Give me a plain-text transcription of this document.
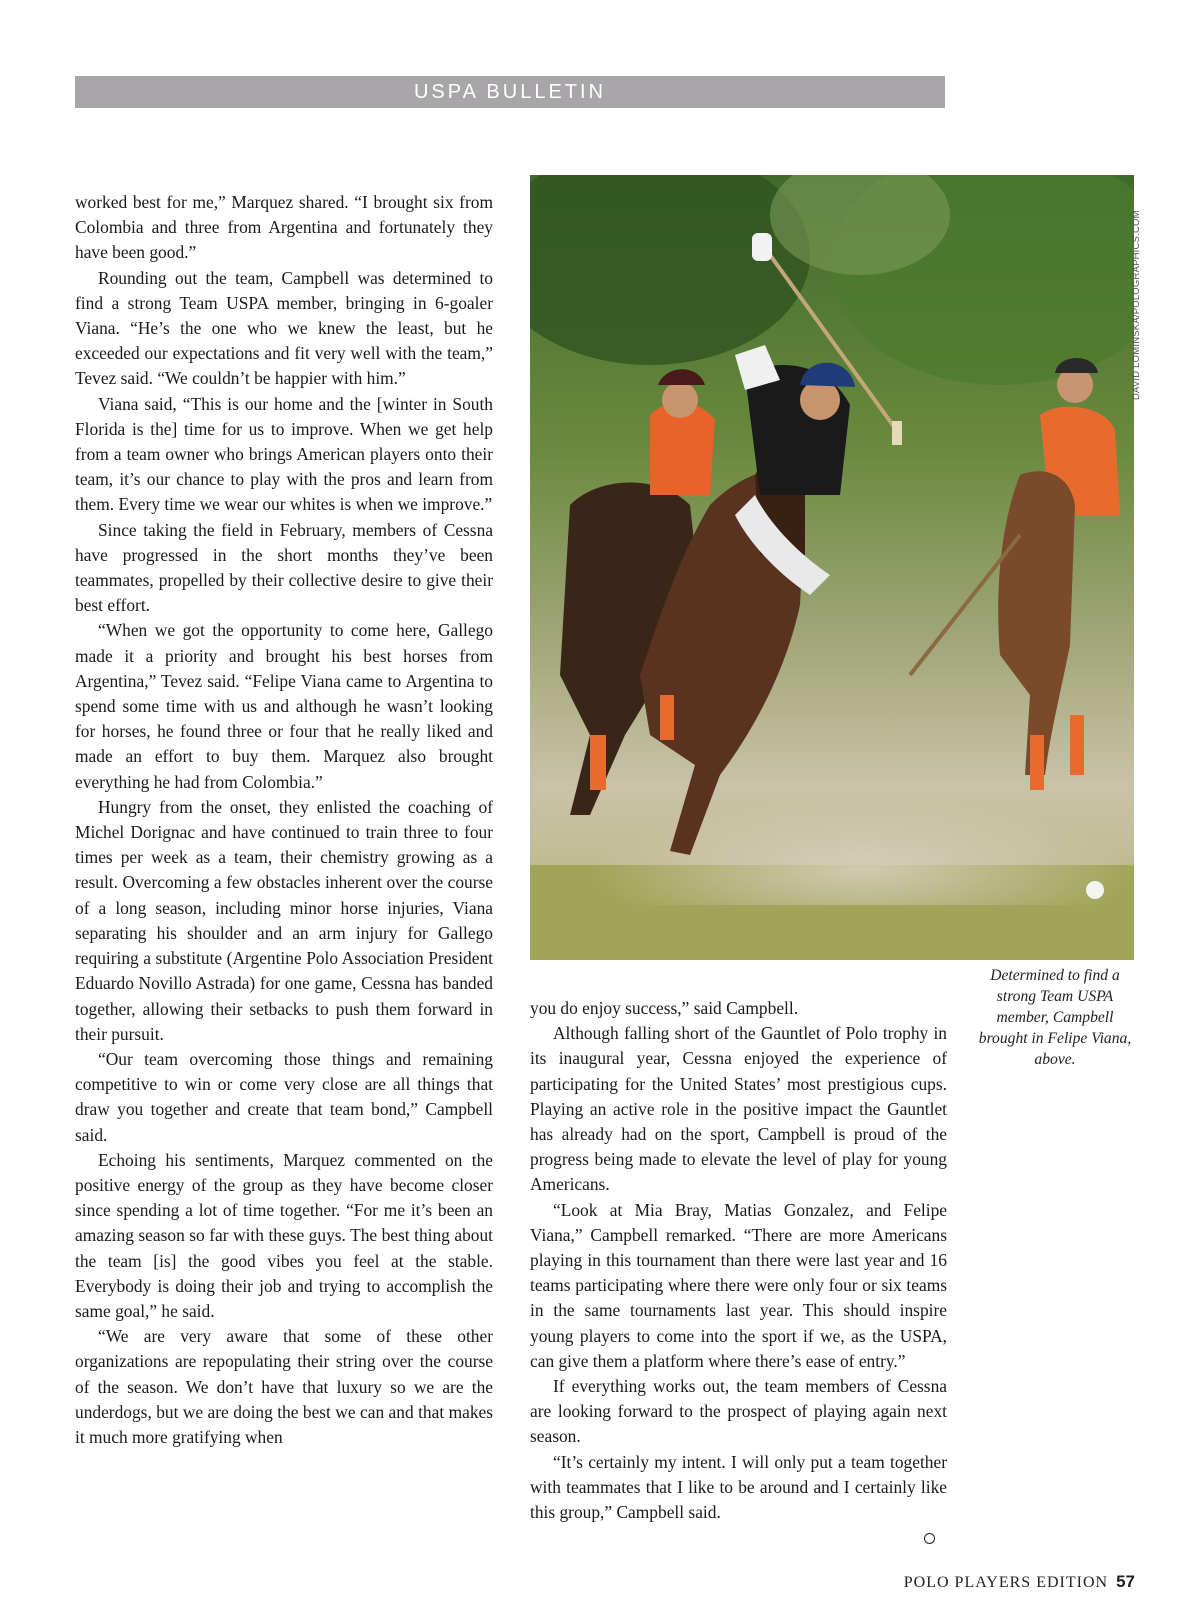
USPA BULLETIN

worked best for me,” Marquez shared. “I brought six from Colombia and three from Argentina and fortunately they have been good.”

Rounding out the team, Campbell was determined to find a strong Team USPA member, bringing in 6-goaler Viana. “He’s the one who we knew the least, but he exceeded our expectations and fit very well with the team,” Tevez said. “We couldn’t be happier with him.”

Viana said, “This is our home and the [winter in South Florida is the] time for us to improve. When we get help from a team owner who brings American players onto their team, it’s our chance to play with the pros and learn from them. Every time we wear our whites is when we improve.”

Since taking the field in February, members of Cessna have progressed in the short months they’ve been teammates, propelled by their collective desire to give their best effort.

“When we got the opportunity to come here, Gallego made it a priority and brought his best horses from Argentina,” Tevez said. “Felipe Viana came to Argentina to spend some time with us and although he wasn’t looking for horses, he found three or four that he really liked and made an effort to buy them. Marquez also brought everything he had from Colombia.”

Hungry from the onset, they enlisted the coaching of Michel Dorignac and have continued to train three to four times per week as a team, their chemistry growing as a result. Overcoming a few obstacles inherent over the course of a long season, including minor horse injuries, Viana separating his shoulder and an arm injury for Gallego requiring a substitute (Argentine Polo Association President Eduardo Novillo Astrada) for one game, Cessna has banded together, allowing their setbacks to push them forward in their pursuit.

“Our team overcoming those things and remaining competitive to win or come very close are all things that draw you together and create that team bond,” Campbell said.

Echoing his sentiments, Marquez commented on the positive energy of the group as they have become closer since spending a lot of time together. “For me it’s been an amazing season so far with these guys. The best thing about the team [is] the good vibes you feel at the stable. Everybody is doing their job and trying to accomplish the same goal,” he said.

“We are very aware that some of these other organizations are repopulating their string over the course of the season. We don’t have that luxury so we are the underdogs, but we are doing the best we can and that makes it much more gratifying when

DAVID LOMINSKA/POLOGRAPHICS.COM
Determined to find a strong Team USPA member, Campbell brought in Felipe Viana, above.

you do enjoy success,” said Campbell.

Although falling short of the Gauntlet of Polo trophy in its inaugural year, Cessna enjoyed the experience of participating for the United States’ most prestigious cups. Playing an active role in the positive impact the Gauntlet has already had on the sport, Campbell is proud of the progress being made to elevate the level of play for young Americans.

“Look at Mia Bray, Matias Gonzalez, and Felipe Viana,” Campbell remarked. “There are more Americans playing in this tournament than there were last year and 16 teams participating where there were only four or six teams in the same tournaments last year. This should inspire young players to come into the sport if we, as the USPA, can give them a platform where there’s ease of entry.”

If everything works out, the team members of Cessna are looking forward to the prospect of playing again next season.

“It’s certainly my intent. I will only put a team together with teammates that I like to be around and I certainly like this group,” Campbell said.

POLO PLAYERS EDITION 57
